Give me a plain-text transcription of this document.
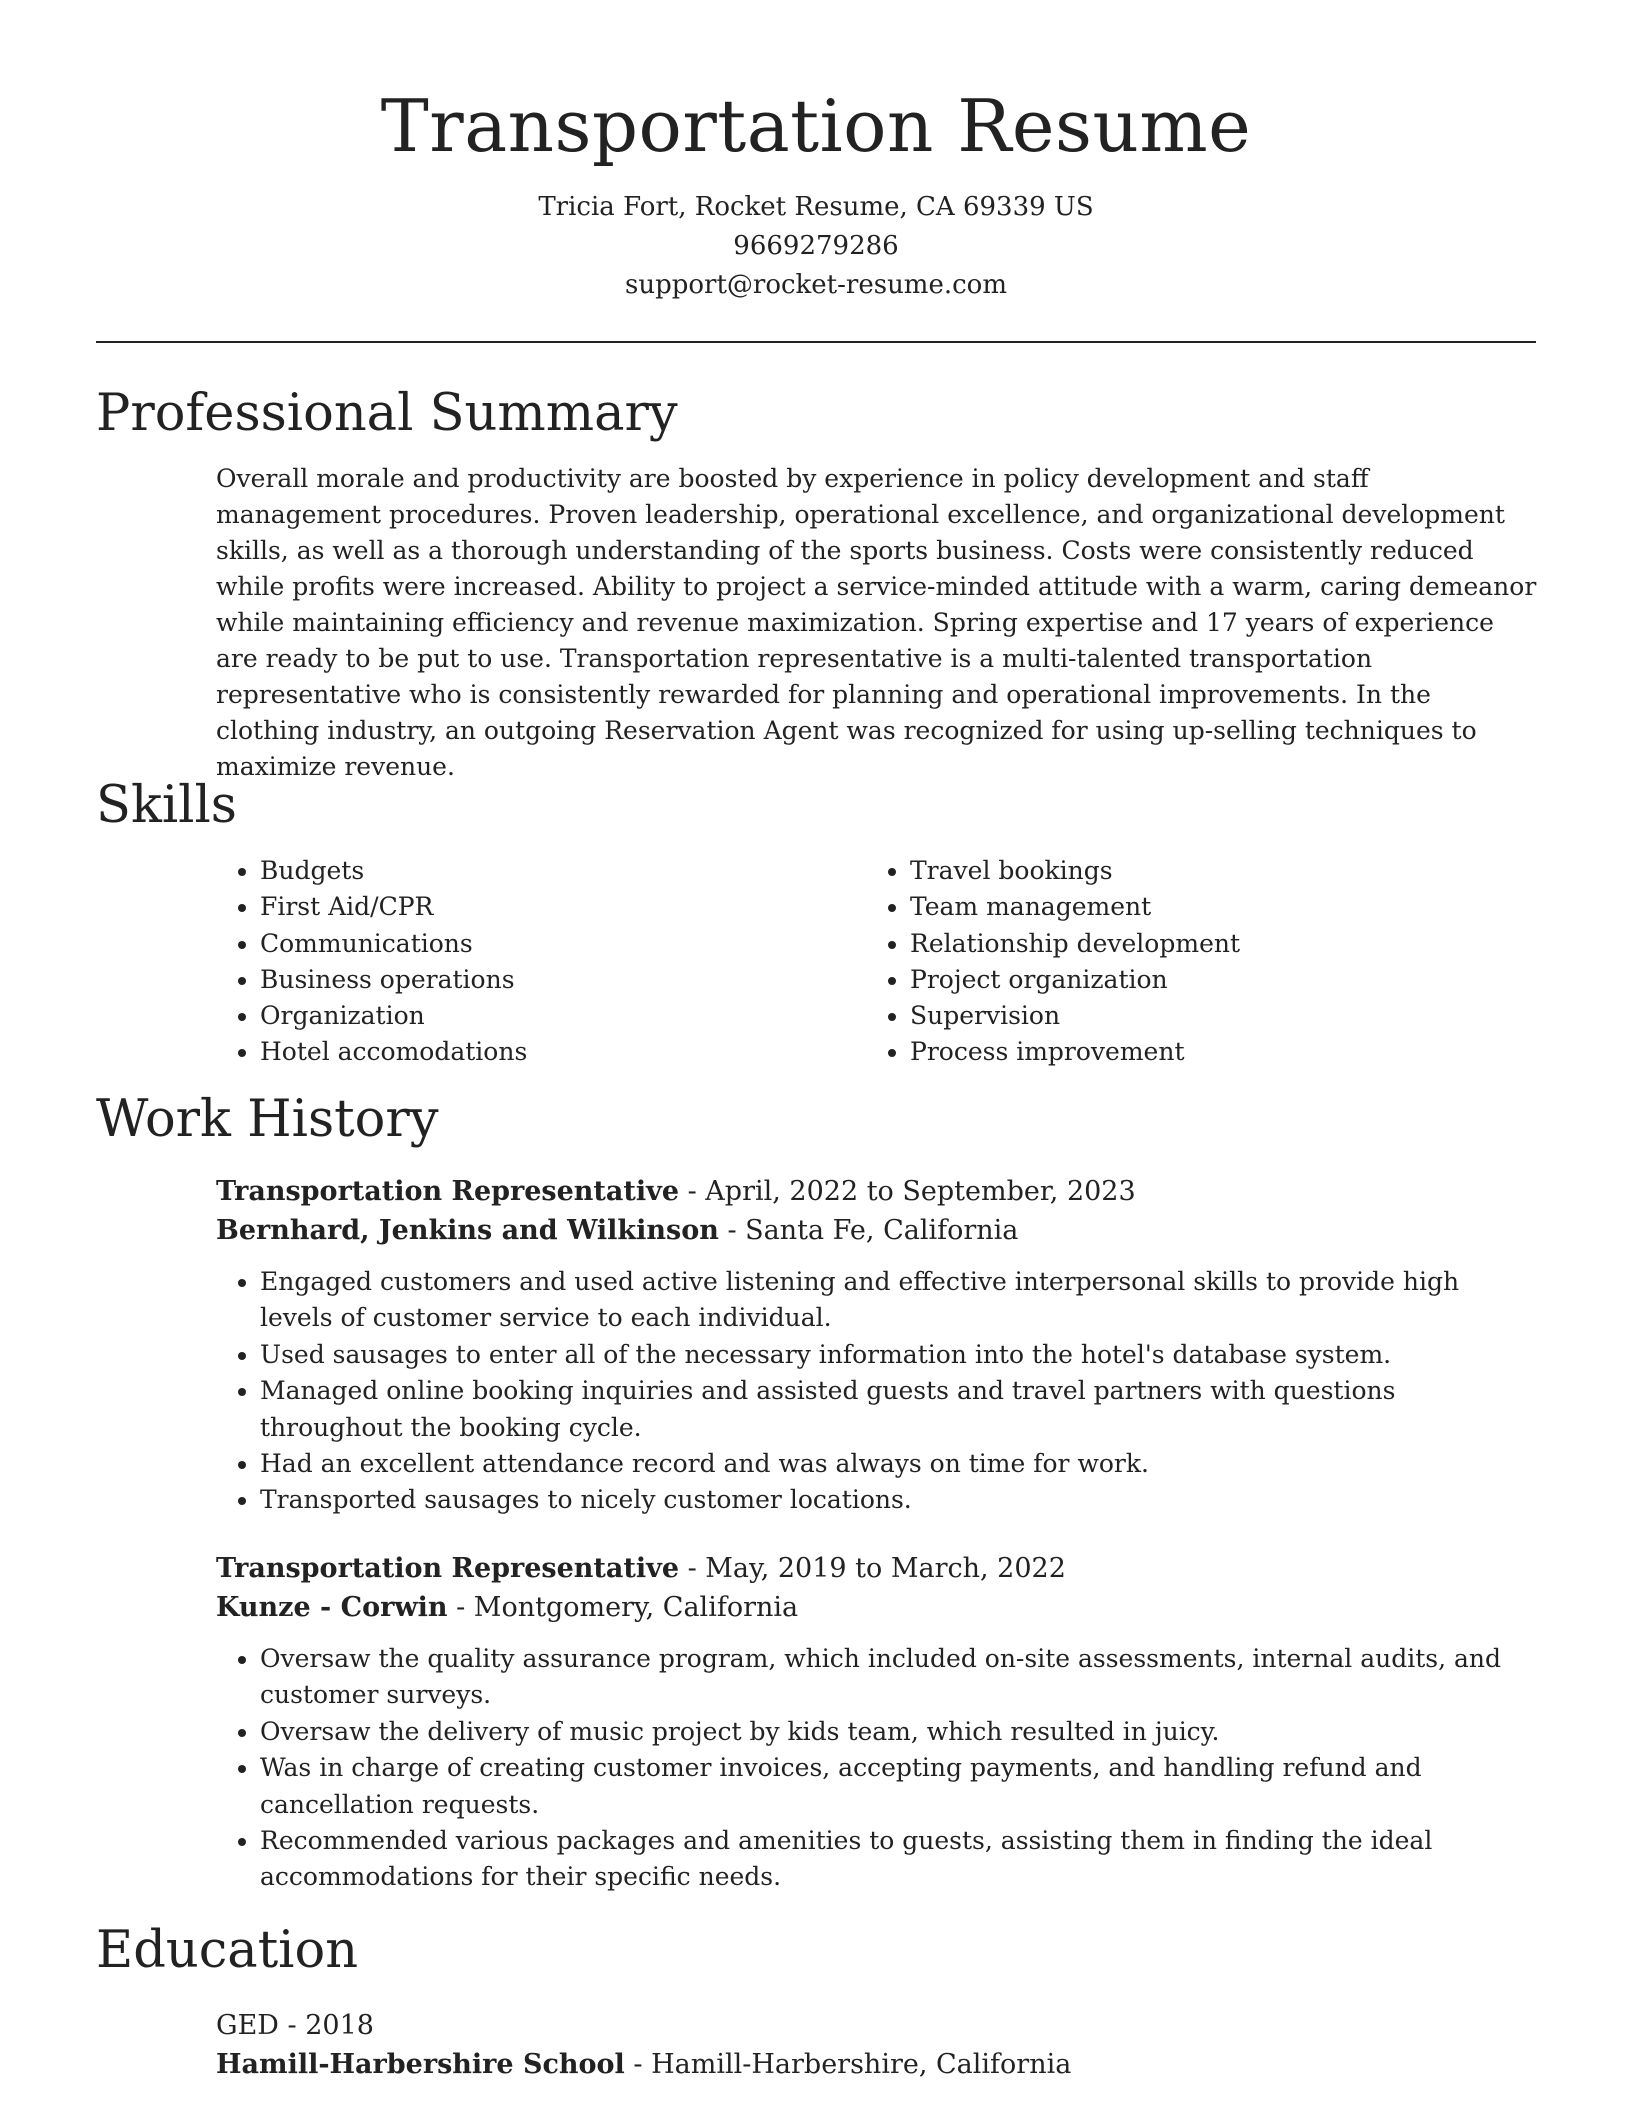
Transportation Resume
Tricia Fort, Rocket Resume, CA 69339 US
9669279286
support@rocket-resume.com
Professional Summary

Overall morale and productivity are boosted by experience in policy development and staff management procedures. Proven leadership, operational excellence, and organizational development skills, as well as a thorough understanding of the sports business. Costs were consistently reduced while profits were increased. Ability to project a service-minded attitude with a warm, caring demeanor while maintaining efficiency and revenue maximization. Spring expertise and 17 years of experience are ready to be put to use. Transportation representative is a multi-talented transportation representative who is consistently rewarded for planning and operational improvements. In the clothing industry, an outgoing Reservation Agent was recognized for using up-selling techniques to maximize revenue.

Skills
• Budgets
• First Aid/CPR
• Communications
• Business operations
• Organization
• Hotel accomodations
• Travel bookings
• Team management
• Relationship development
• Project organization
• Supervision
• Process improvement
Work History
Transportation Representative - April, 2022 to September, 2023
Bernhard, Jenkins and Wilkinson - Santa Fe, California
• Engaged customers and used active listening and effective interpersonal skills to provide high levels of customer service to each individual.
• Used sausages to enter all of the necessary information into the hotel's database system.
• Managed online booking inquiries and assisted guests and travel partners with questions throughout the booking cycle.
• Had an excellent attendance record and was always on time for work.
• Transported sausages to nicely customer locations.
Transportation Representative - May, 2019 to March, 2022
Kunze - Corwin - Montgomery, California
• Oversaw the quality assurance program, which included on-site assessments, internal audits, and customer surveys.
• Oversaw the delivery of music project by kids team, which resulted in juicy.
• Was in charge of creating customer invoices, accepting payments, and handling refund and cancellation requests.
• Recommended various packages and amenities to guests, assisting them in finding the ideal accommodations for their specific needs.
Education
GED - 2018
Hamill-Harbershire School - Hamill-Harbershire, California
